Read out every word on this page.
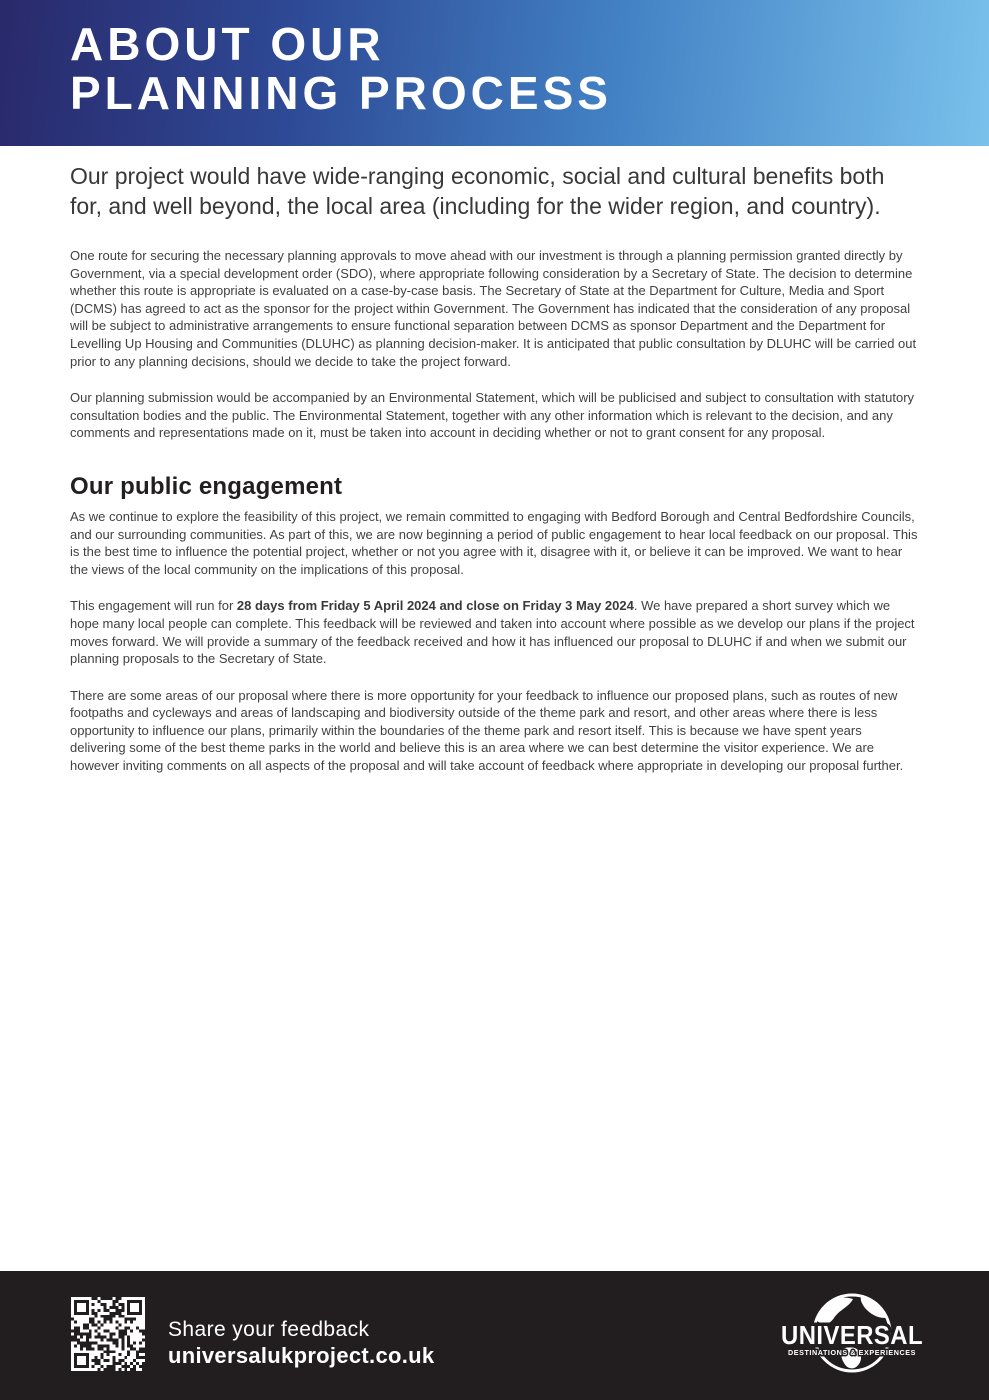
ABOUT OUR
PLANNING PROCESS

Our project would have wide-ranging economic, social and cultural benefits both for, and well beyond, the local area (including for the wider region, and country).

One route for securing the necessary planning approvals to move ahead with our investment is through a planning permission granted directly by Government, via a special development order (SDO), where appropriate following consideration by a Secretary of State. The decision to determine whether this route is appropriate is evaluated on a case-by-case basis. The Secretary of State at the Department for Culture, Media and Sport (DCMS) has agreed to act as the sponsor for the project within Government. The Government has indicated that the consideration of any proposal will be subject to administrative arrangements to ensure functional separation between DCMS as sponsor Department and the Department for Levelling Up Housing and Communities (DLUHC) as planning decision-maker. It is anticipated that public consultation by DLUHC will be carried out prior to any planning decisions, should we decide to take the project forward.

Our planning submission would be accompanied by an Environmental Statement, which will be publicised and subject to consultation with statutory consultation bodies and the public. The Environmental Statement, together with any other information which is relevant to the decision, and any comments and representations made on it, must be taken into account in deciding whether or not to grant consent for any proposal.

Our public engagement

As we continue to explore the feasibility of this project, we remain committed to engaging with Bedford Borough and Central Bedfordshire Councils, and our surrounding communities. As part of this, we are now beginning a period of public engagement to hear local feedback on our proposal. This is the best time to influence the potential project, whether or not you agree with it, disagree with it, or believe it can be improved. We want to hear the views of the local community on the implications of this proposal.

This engagement will run for 28 days from Friday 5 April 2024 and close on Friday 3 May 2024. We have prepared a short survey which we hope many local people can complete. This feedback will be reviewed and taken into account where possible as we develop our plans if the project moves forward. We will provide a summary of the feedback received and how it has influenced our proposal to DLUHC if and when we submit our planning proposals to the Secretary of State.

There are some areas of our proposal where there is more opportunity for your feedback to influence our proposed plans, such as routes of new footpaths and cycleways and areas of landscaping and biodiversity outside of the theme park and resort, and other areas where there is less opportunity to influence our plans, primarily within the boundaries of the theme park and resort itself. This is because we have spent years delivering some of the best theme parks in the world and believe this is an area where we can best determine the visitor experience. We are however inviting comments on all aspects of the proposal and will take account of feedback where appropriate in developing our proposal further.

Share your feedback
universalukproject.co.uk
UNIVERSAL
DESTINATIONS & EXPERIENCES
